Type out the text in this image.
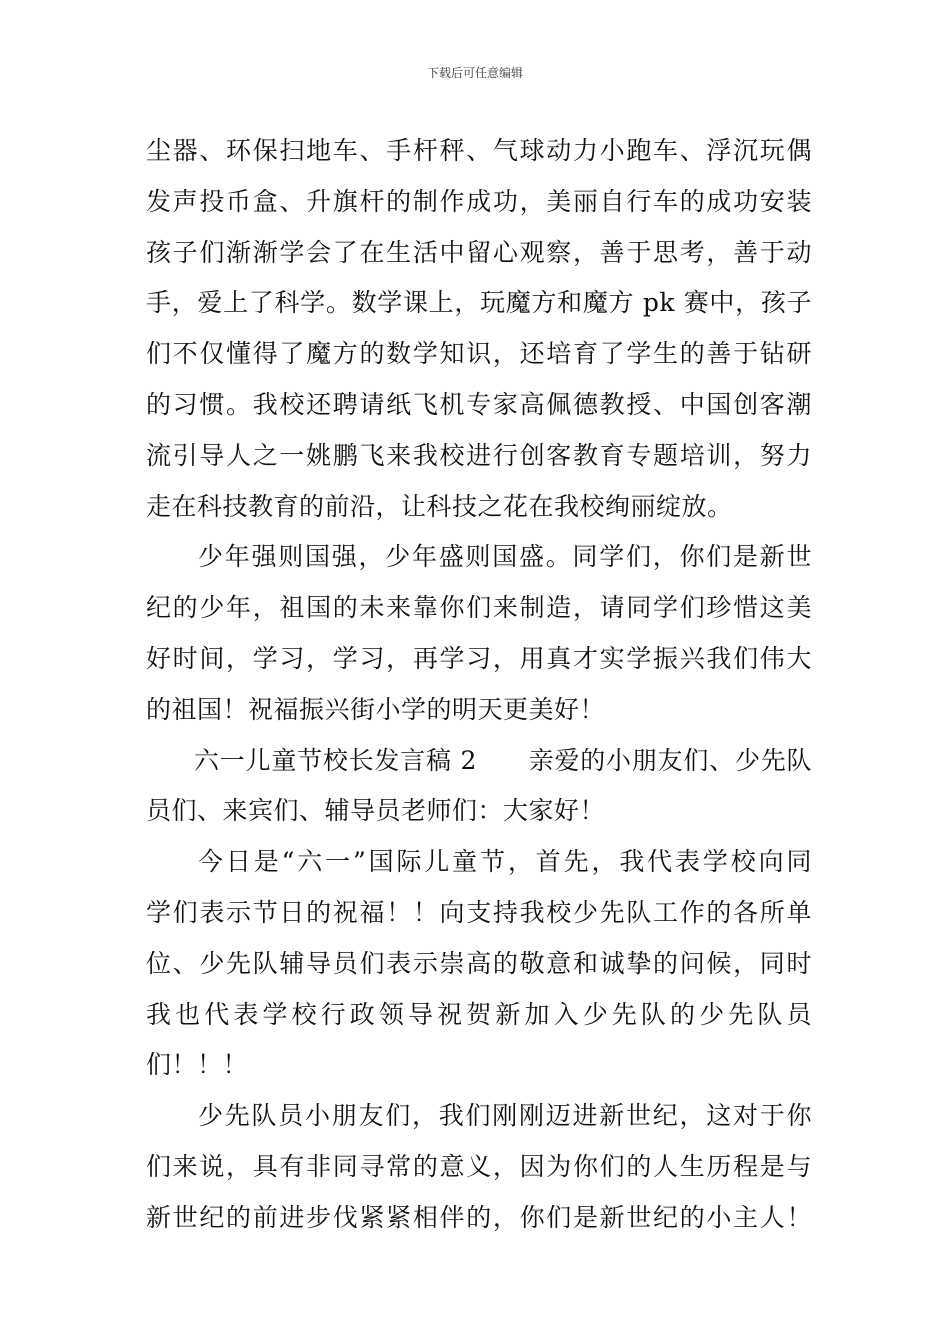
下载后可任意编辑
尘器、环保扫地车、手杆秤、气球动力小跑车、浮沉玩偶
发声投币盒、升旗杆的制作成功，美丽自行车的成功安装
孩子们渐渐学会了在生活中留心观察，善于思考，善于动
手，爱上了科学。数学课上，玩魔方和魔方 pk 赛中，孩子
们不仅懂得了魔方的数学知识，还培育了学生的善于钻研
的习惯。我校还聘请纸飞机专家高佩德教授、中国创客潮
流引导人之一姚鹏飞来我校进行创客教育专题培训，努力
走在科技教育的前沿，让科技之花在我校绚丽绽放。
少年强则国强，少年盛则国盛。同学们，你们是新世
纪的少年，祖国的未来靠你们来制造，请同学们珍惜这美
好时间，学习，学习，再学习，用真才实学振兴我们伟大
的祖国！祝福振兴街小学的明天更美好！
六一儿童节校长发言稿 2　　亲爱的小朋友们、少先队
员们、来宾们、辅导员老师们：大家好！
今日是“六一”国际儿童节，首先，我代表学校向同
学们表示节日的祝福！！向支持我校少先队工作的各所单
位、少先队辅导员们表示崇高的敬意和诚挚的问候，同时
我也代表学校行政领导祝贺新加入少先队的少先队员
们！！！
少先队员小朋友们，我们刚刚迈进新世纪，这对于你
们来说，具有非同寻常的意义，因为你们的人生历程是与
新世纪的前进步伐紧紧相伴的，你们是新世纪的小主人！
